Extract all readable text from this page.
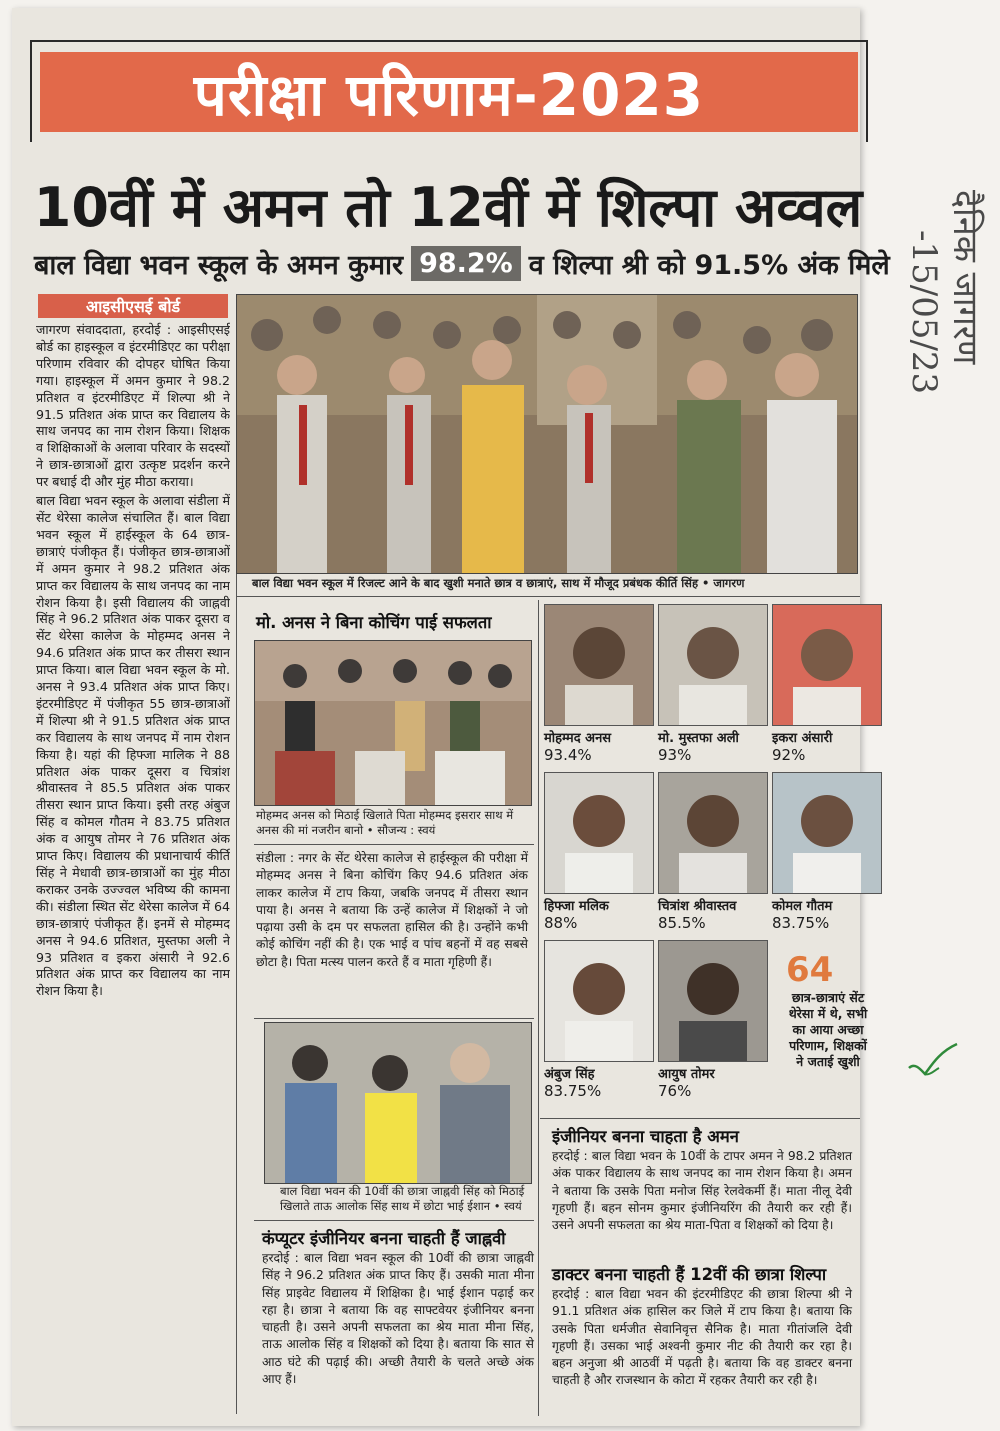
परीक्षा परिणाम-2023
10वीं में अमन तो 12वीं में शिल्पा अव्वल
बाल विद्या भवन स्कूल के अमन कुमार 98.2% व शिल्पा श्री को 91.5% अंक मिले
आइसीएसई बोर्ड

जागरण संवाददाता, हरदोई : आइसीएसई बोर्ड का हाइस्कूल व इंटरमीडिएट का परीक्षा परिणाम रविवार की दोपहर घोषित किया गया। हाइस्कूल में अमन कुमार ने 98.2 प्रतिशत व इंटरमीडिएट में शिल्पा श्री ने 91.5 प्रतिशत अंक प्राप्त कर विद्यालय के साथ जनपद का नाम रोशन किया। शिक्षक व शिक्षिकाओं के अलावा परिवार के सदस्यों ने छात्र-छात्राओं द्वारा उत्कृष्ट प्रदर्शन करने पर बधाई दी और मुंह मीठा कराया।

बाल विद्या भवन स्कूल के अलावा संडीला में सेंट थेरेसा कालेज संचालित हैं। बाल विद्या भवन स्कूल में हाईस्कूल के 64 छात्र-छात्राएं पंजीकृत हैं। पंजीकृत छात्र-छात्राओं में अमन कुमार ने 98.2 प्रतिशत अंक प्राप्त कर विद्यालय के साथ जनपद का नाम रोशन किया है। इसी विद्यालय की जाह्नवी सिंह ने 96.2 प्रतिशत अंक पाकर दूसरा व सेंट थेरेसा कालेज के मोहम्मद अनस ने 94.6 प्रतिशत अंक प्राप्त कर तीसरा स्थान प्राप्त किया। बाल विद्या भवन स्कूल के मो. अनस ने 93.4 प्रतिशत अंक प्राप्त किए। इंटरमीडिएट में पंजीकृत 55 छात्र-छात्राओं में शिल्पा श्री ने 91.5 प्रतिशत अंक प्राप्त कर विद्यालय के साथ जनपद में नाम रोशन किया है। यहां की हिफ्जा मालिक ने 88 प्रतिशत अंक पाकर दूसरा व चित्रांश श्रीवास्तव ने 85.5 प्रतिशत अंक पाकर तीसरा स्थान प्राप्त किया। इसी तरह अंबुज सिंह व कोमल गौतम ने 83.75 प्रतिशत अंक व आयुष तोमर ने 76 प्रतिशत अंक प्राप्त किए। विद्यालय की प्रधानाचार्य कीर्ति सिंह ने मेधावी छात्र-छात्राओं का मुंह मीठा कराकर उनके उज्ज्वल भविष्य की कामना की। संडीला स्थित सेंट थेरेसा कालेज में 64 छात्र-छात्राएं पंजीकृत हैं। इनमें से मोहम्मद अनस ने 94.6 प्रतिशत, मुस्तफा अली ने 93 प्रतिशत व इकरा अंसारी ने 92.6 प्रतिशत अंक प्राप्त कर विद्यालय का नाम रोशन किया है।

बाल विद्या भवन स्कूल में रिजल्ट आने के बाद खुशी मनाते छात्र व छात्राएं, साथ में मौजूद प्रबंधक कीर्ति सिंह • जागरण
मो. अनस ने बिना कोचिंग पाई सफलता
मोहम्मद अनस को मिठाई खिलाते पिता मोहम्मद इसरार साथ में अनस की मां नजरीन बानो • सौजन्य : स्वयं
संडीला : नगर के सेंट थेरेसा कालेज से हाईस्कूल की परीक्षा में मोहम्मद अनस ने बिना कोचिंग किए 94.6 प्रतिशत अंक लाकर कालेज में टाप किया, जबकि जनपद में तीसरा स्थान पाया है। अनस ने बताया कि उन्हें कालेज में शिक्षकों ने जो पढ़ाया उसी के दम पर सफलता हासिल की है। उन्होंने कभी कोई कोचिंग नहीं की है। एक भाई व पांच बहनों में वह सबसे छोटा है। पिता मत्स्य पालन करते हैं व माता गृहिणी हैं।
बाल विद्या भवन की 10वीं की छात्रा जाह्नवी सिंह को मिठाई खिलाते ताऊ आलोक सिंह साथ में छोटा भाई ईशान • स्वयं
कंप्यूटर इंजीनियर बनना चाहती हैं जाह्नवी
हरदोई : बाल विद्या भवन स्कूल की 10वीं की छात्रा जाह्नवी सिंह ने 96.2 प्रतिशत अंक प्राप्त किए हैं। उसकी माता मीना सिंह प्राइवेट विद्यालय में शिक्षिका है। भाई ईशान पढ़ाई कर रहा है। छात्रा ने बताया कि वह साफ्टवेयर इंजीनियर बनना चाहती है। उसने अपनी सफलता का श्रेय माता मीना सिंह, ताऊ आलोक सिंह व शिक्षकों को दिया है। बताया कि सात से आठ घंटे की पढ़ाई की। अच्छी तैयारी के चलते अच्छे अंक आए हैं।
मोहम्मद अनस
93.4%
मो. मुस्तफा अली
93%
इकरा अंसारी
92%
हिफ्जा मलिक
88%
चित्रांश श्रीवास्तव
85.5%
कोमल गौतम
83.75%
अंबुज सिंह
83.75%
आयुष तोमर
76%
64
छात्र-छात्राएं सेंट थेरेसा में थे, सभी का आया अच्छा परिणाम, शिक्षकों ने जताई खुशी
इंजीनियर बनना चाहता है अमन
हरदोई : बाल विद्या भवन के 10वीं के टापर अमन ने 98.2 प्रतिशत अंक पाकर विद्यालय के साथ जनपद का नाम रोशन किया है। अमन ने बताया कि उसके पिता मनोज सिंह रेलवेकर्मी हैं। माता नीलू देवी गृहणी हैं। बहन सोनम कुमार इंजीनियरिंग की तैयारी कर रही हैं। उसने अपनी सफलता का श्रेय माता-पिता व शिक्षकों को दिया है।
डाक्टर बनना चाहती हैं 12वीं की छात्रा शिल्पा
हरदोई : बाल विद्या भवन की इंटरमीडिएट की छात्रा शिल्पा श्री ने 91.1 प्रतिशत अंक हासिल कर जिले में टाप किया है। बताया कि उसके पिता धर्मजीत सेवानिवृत्त सैनिक है। माता गीतांजलि देवी गृहणी हैं। उसका भाई अश्वनी कुमार नीट की तैयारी कर रहा है। बहन अनुजा श्री आठवीं में पढ़ती है। बताया कि वह डाक्टर बनना चाहती है और राजस्थान के कोटा में रहकर तैयारी कर रही है।
दैनिक जागरण -15/05/23
